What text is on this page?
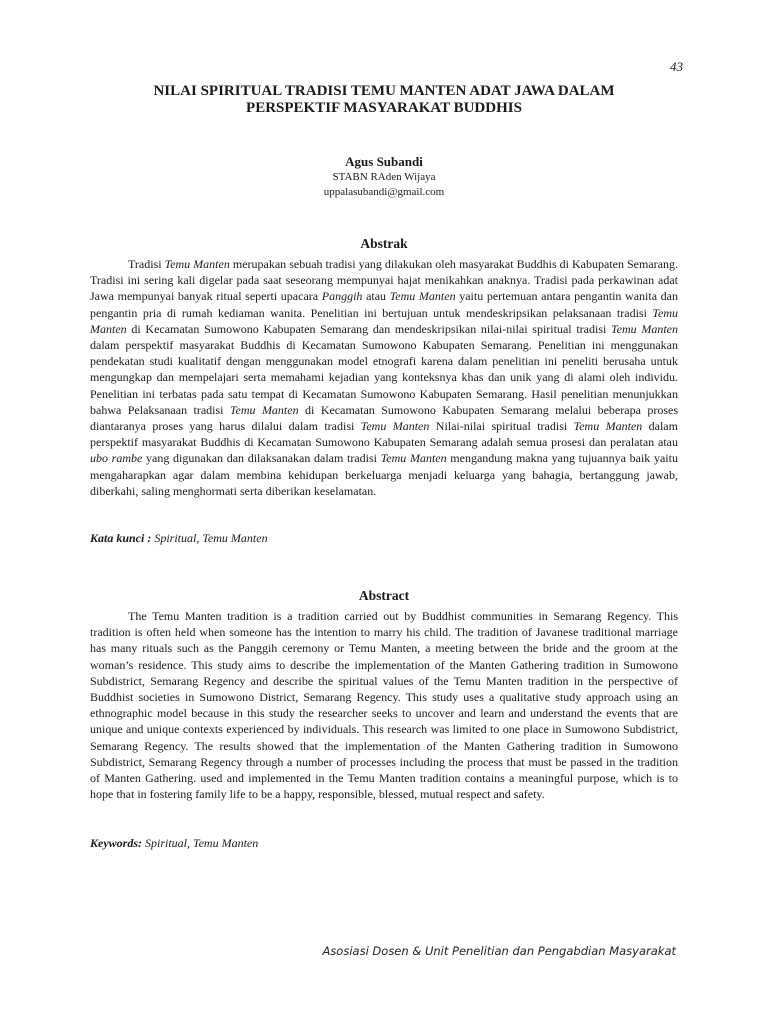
43
NILAI SPIRITUAL TRADISI TEMU MANTEN ADAT JAWA DALAM
PERSPEKTIF MASYARAKAT BUDDHIS
Agus Subandi
STABN RAden Wijaya
uppalasubandi@gmail.com
Abstrak

Tradisi Temu Manten merupakan sebuah tradisi yang dilakukan oleh masyarakat Buddhis di Kabupaten Semarang. Tradisi ini sering kali digelar pada saat seseorang mempunyai hajat menikahkan anaknya. Tradisi pada perkawinan adat Jawa mempunyai banyak ritual seperti upacara Panggih atau Temu Manten yaitu pertemuan antara pengantin wanita dan pengantin pria di rumah kediaman wanita. Penelitian ini bertujuan untuk mendeskripsikan pelaksanaan tradisi Temu Manten di Kecamatan Sumowono Kabupaten Semarang dan mendeskripsikan nilai-nilai spiritual tradisi Temu Manten dalam perspektif masyarakat Buddhis di Kecamatan Sumowono Kabupaten Semarang. Penelitian ini menggunakan pendekatan studi kualitatif dengan menggunakan model etnografi karena dalam penelitian ini peneliti berusaha untuk mengungkap dan mempelajari serta memahami kejadian yang konteksnya khas dan unik yang di alami oleh individu. Penelitian ini terbatas pada satu tempat di Kecamatan Sumowono Kabupaten Semarang. Hasil penelitian menunjukkan bahwa Pelaksanaan tradisi Temu Manten di Kecamatan Sumowono Kabupaten Semarang melalui beberapa proses diantaranya proses yang harus dilalui dalam tradisi Temu Manten Nilai-nilai spiritual tradisi Temu Manten dalam perspektif masyarakat Buddhis di Kecamatan Sumowono Kabupaten Semarang adalah semua prosesi dan peralatan atau ubo rambe yang digunakan dan dilaksanakan dalam tradisi Temu Manten mengandung makna yang tujuannya baik yaitu mengaharapkan agar dalam membina kehidupan berkeluarga menjadi keluarga yang bahagia, bertanggung jawab, diberkahi, saling menghormati serta diberikan keselamatan.

Kata kunci : Spiritual, Temu Manten
Abstract

The Temu Manten tradition is a tradition carried out by Buddhist communities in Semarang Regency. This tradition is often held when someone has the intention to marry his child. The tradition of Javanese traditional marriage has many rituals such as the Panggih ceremony or Temu Manten, a meeting between the bride and the groom at the woman’s residence. This study aims to describe the implementation of the Manten Gathering tradition in Sumowono Subdistrict, Semarang Regency and describe the spiritual values of the Temu Manten tradition in the perspective of Buddhist societies in Sumowono District, Semarang Regency. This study uses a qualitative study approach using an ethnographic model because in this study the researcher seeks to uncover and learn and understand the events that are unique and unique contexts experienced by individuals. This research was limited to one place in Sumowono Subdistrict, Semarang Regency. The results showed that the implementation of the Manten Gathering tradition in Sumowono Subdistrict, Semarang Regency through a number of processes including the process that must be passed in the tradition of Manten Gathering. used and implemented in the Temu Manten tradition contains a meaningful purpose, which is to hope that in fostering family life to be a happy, responsible, blessed, mutual respect and safety.

Keywords: Spiritual, Temu Manten
Asosiasi Dosen & Unit Penelitian dan Pengabdian Masyarakat
